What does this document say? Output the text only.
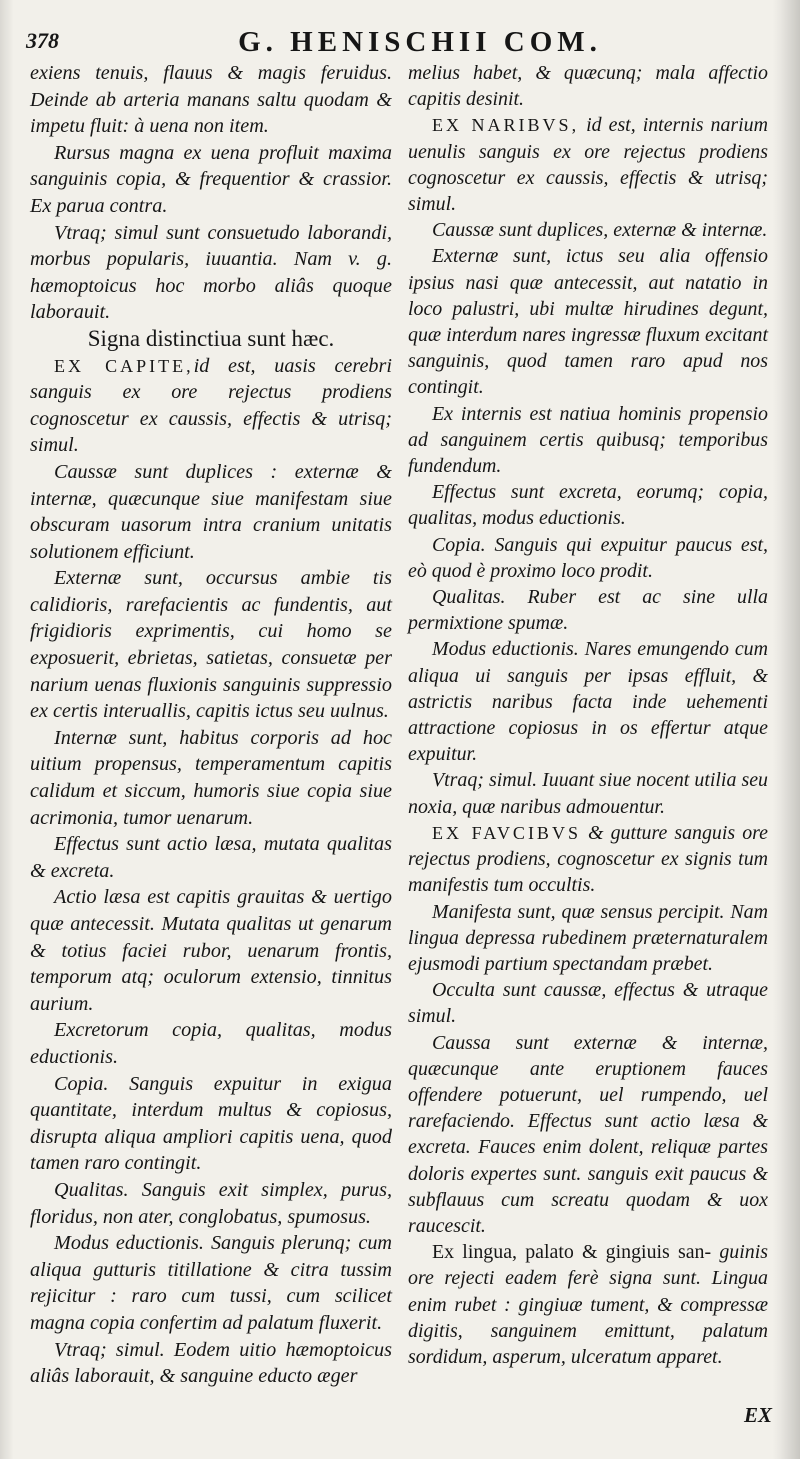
378	G. HENISCHII COM.

exiens tenuis, flauus & magis feruidus. Deinde ab arteria manans saltu quodam & impetu fluit: à uena non item.

Rursus magna ex uena profluit maxima sanguinis copia, & frequentior & crassior. Ex parua contra.

Vtraq; simul sunt consuetudo laborandi, morbus popularis, iuuantia. Nam v. g. hæmoptoicus hoc morbo aliâs quoque laborauit.

Signa distinctiua sunt hæc.

EX CAPITE,id est, uasis cerebri sanguis ex ore rejectus prodiens cognoscetur ex caussis, effectis & utrisq; simul.

Caussæ sunt duplices : externæ & internæ, quæcunque siue manifestam siue obscuram uasorum intra cranium unitatis solutionem efficiunt.

Externæ sunt, occursus ambie tis calidioris, rarefacientis ac fundentis, aut frigidioris exprimentis, cui homo se exposuerit, ebrietas, satietas, consuetæ per narium uenas fluxionis sanguinis suppressio ex certis interuallis, capitis ictus seu uulnus.

Internæ sunt, habitus corporis ad hoc uitium propensus, temperamentum capitis calidum et siccum, humoris siue copia siue acrimonia, tumor uenarum.

Effectus sunt actio læsa, mutata qualitas & excreta.

Actio læsa est capitis grauitas & uertigo quæ antecessit. Mutata qualitas ut genarum & totius faciei rubor, uenarum frontis, temporum atq; oculorum extensio, tinnitus aurium.

Excretorum copia, qualitas, modus eductionis.

Copia. Sanguis expuitur in exigua quantitate, interdum multus & copiosus, disrupta aliqua ampliori capitis uena, quod tamen raro contingit.

Qualitas. Sanguis exit simplex, purus, floridus, non ater, conglobatus, spumosus.

Modus eductionis. Sanguis plerunq; cum aliqua gutturis titillatione & citra tussim rejicitur : raro cum tussi, cum scilicet magna copia confertim ad palatum fluxerit.

Vtraq; simul. Eodem uitio hæmoptoicus aliâs laborauit, & sanguine educto æger

melius habet, & quæcunq; mala affectio capitis desinit.

EX NARIBVS, id est, internis narium uenulis sanguis ex ore rejectus prodiens cognoscetur ex caussis, effectis & utrisq; simul.

Caussæ sunt duplices, externæ & internæ.

Externæ sunt, ictus seu alia offensio ipsius nasi quæ antecessit, aut natatio in loco palustri, ubi multæ hirudines degunt, quæ interdum nares ingressæ fluxum excitant sanguinis, quod tamen raro apud nos contingit.

Ex internis est natiua hominis propensio ad sanguinem certis quibusq; temporibus fundendum.

Effectus sunt excreta, eorumq; copia, qualitas, modus eductionis.

Copia. Sanguis qui expuitur paucus est, eò quod è proximo loco prodit.

Qualitas. Ruber est ac sine ulla permixtione spumæ.

Modus eductionis. Nares emungendo cum aliqua ui sanguis per ipsas effluit, & astrictis naribus facta inde uehementi attractione copiosus in os effertur atque expuitur.

Vtraq; simul. Iuuant siue nocent utilia seu noxia, quæ naribus admouentur.

EX FAVCIBVS & gutture sanguis ore rejectus prodiens, cognoscetur ex signis tum manifestis tum occultis.

Manifesta sunt, quæ sensus percipit. Nam lingua depressa rubedinem præternaturalem ejusmodi partium spectandam præbet.

Occulta sunt caussæ, effectus & utraque simul.

Caussa sunt externæ & internæ, quæcunque ante eruptionem fauces offendere potuerunt, uel rumpendo, uel rarefaciendo. Effectus sunt actio læsa & excreta. Fauces enim dolent, reliquæ partes doloris expertes sunt. sanguis exit paucus & subflauus cum screatu quodam & uox raucescit.

Ex lingua, palato & gingiuis san- guinis ore rejecti eadem ferè signa sunt. Lingua enim rubet : gingiuæ tument, & compressæ digitis, sanguinem emittunt, palatum sordidum, asperum, ulceratum apparet.

EX
